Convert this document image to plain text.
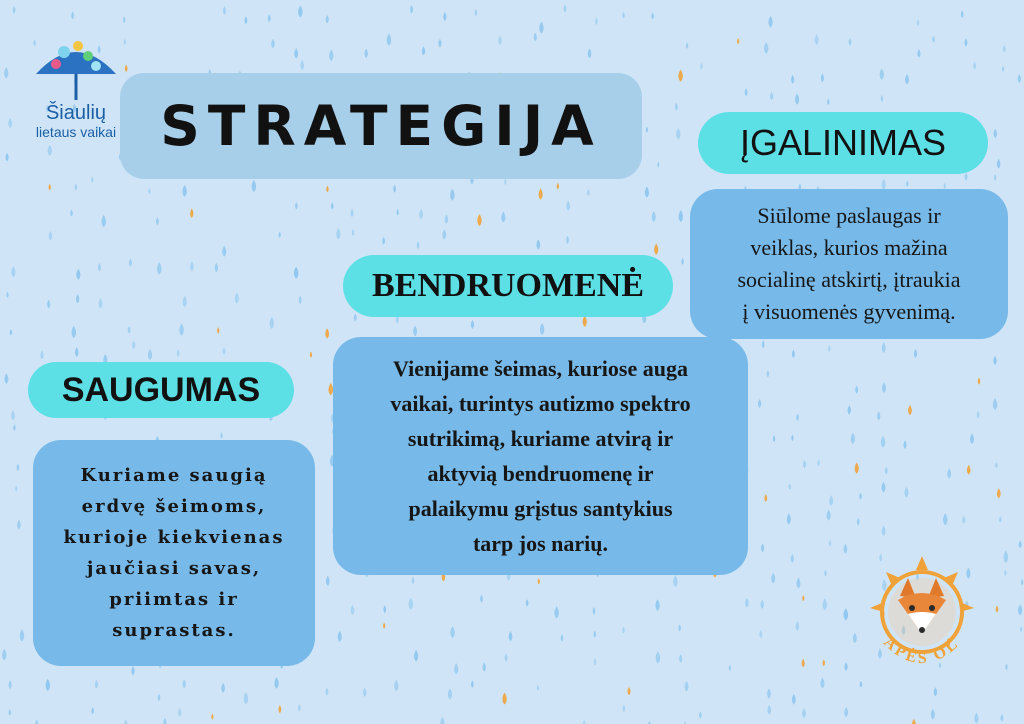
Šiaulių
lietaus vaikai STRATEGIJA	ĮGALINIMAS
Siūlome paslaugas ir
veiklas, kurios mažina
socialinę atskirtį, įtraukia
į visuomenės gyvenimą.
BENDRUOMENĖ
Vienijame šeimas, kuriose auga
vaikai, turintys autizmo spektro
sutrikimą, kuriame atvirą ir
aktyvią bendruomenę ir
palaikymu grįstus santykius
tarp jos narių.
SAUGUMAS
Kuriame saugią
erdvę šeimoms,
kurioje kiekvienas
jaučiasi savas,
priimtas ir
suprastas.
APĖS OL
